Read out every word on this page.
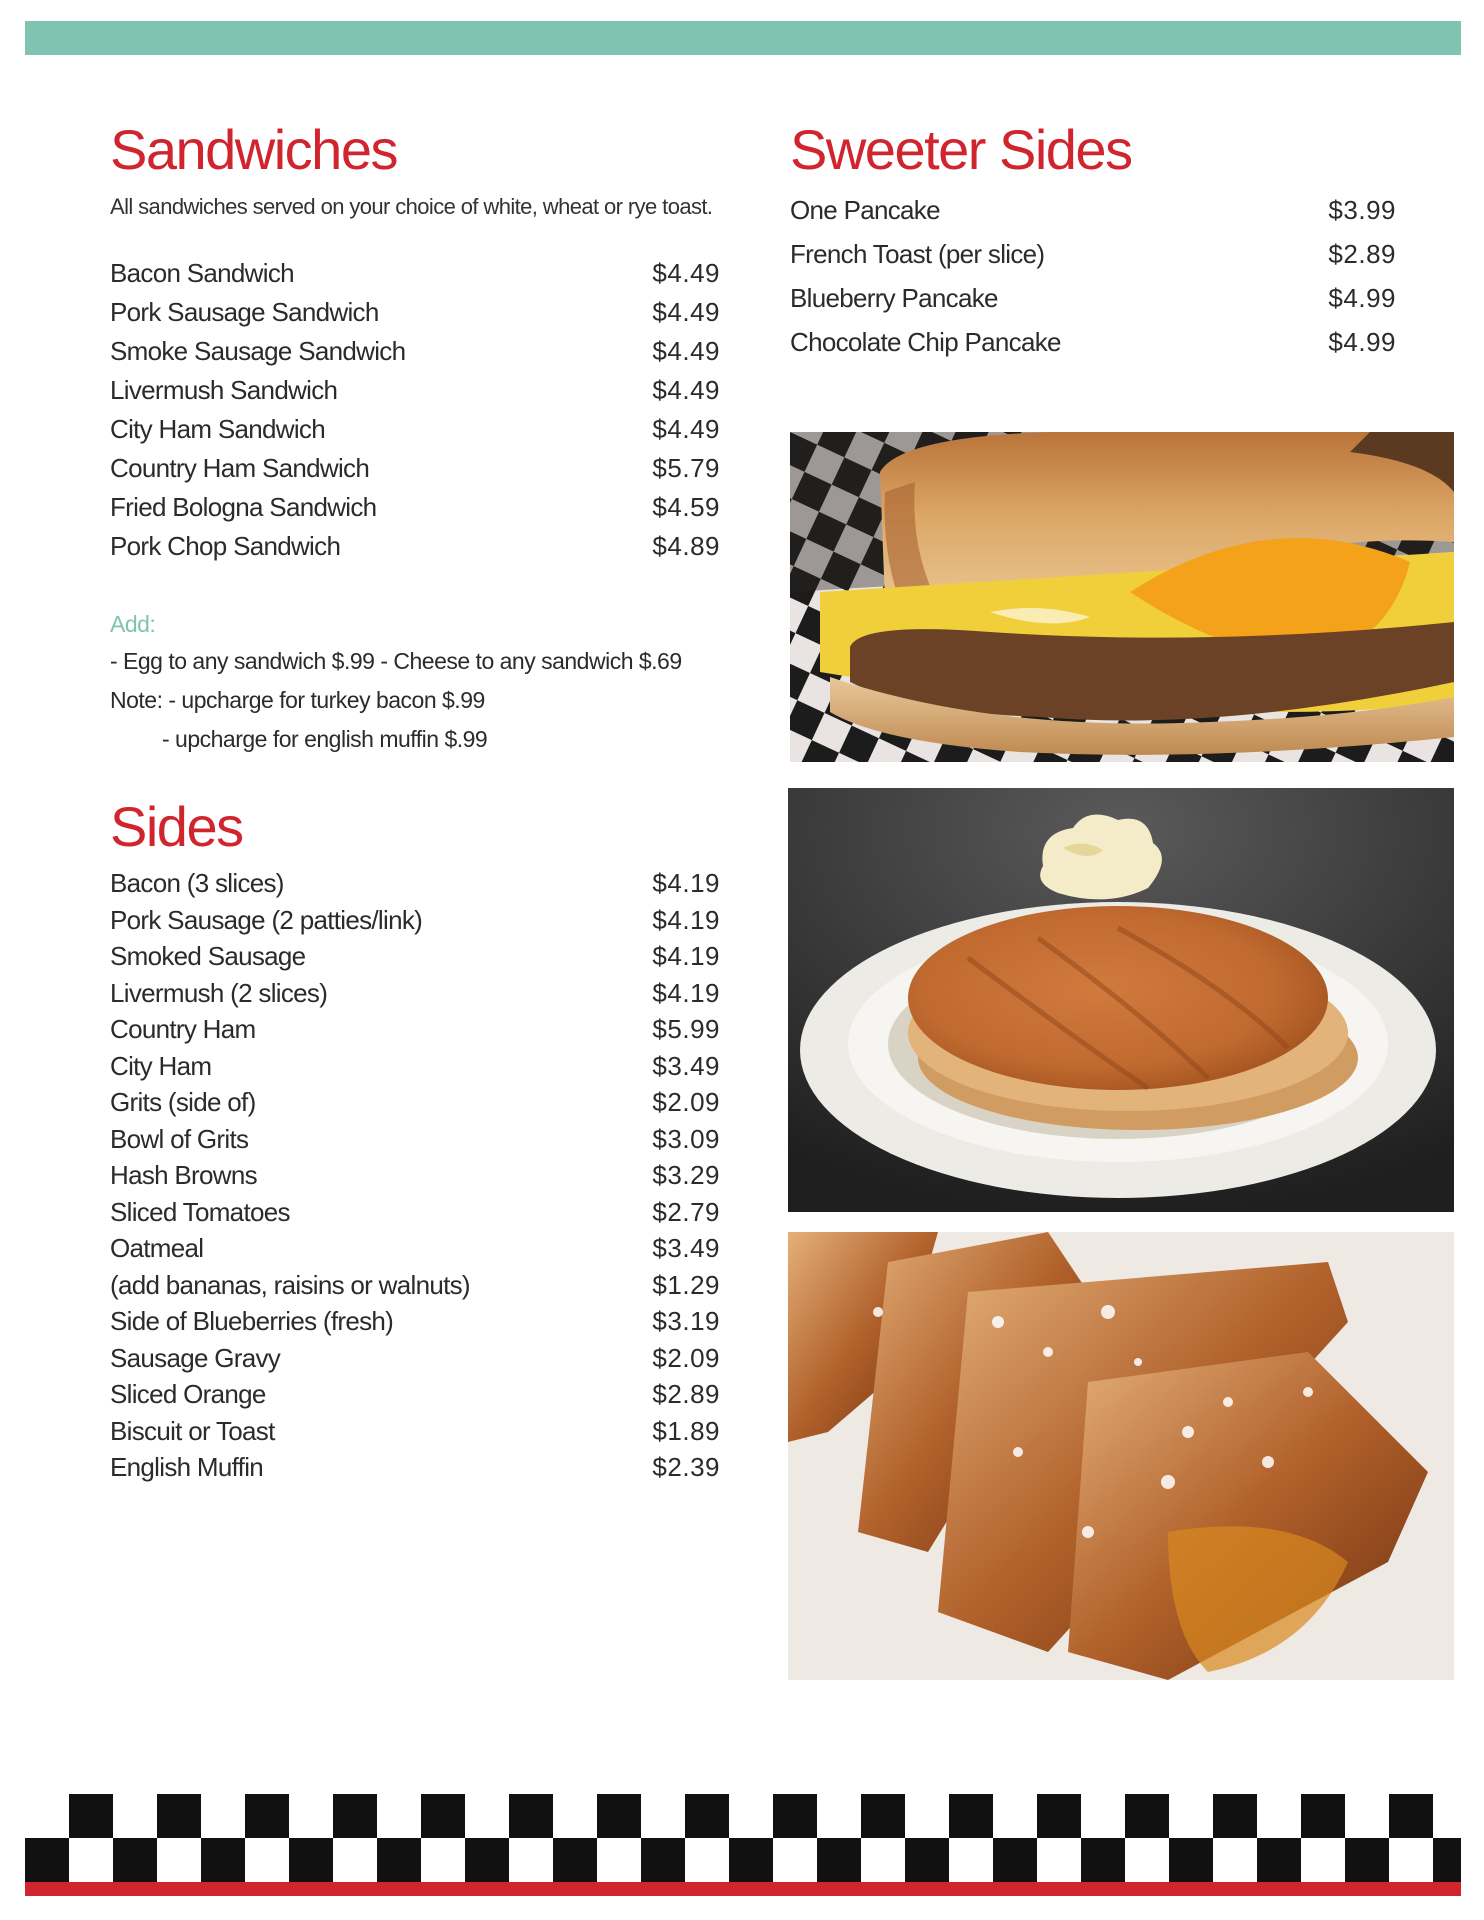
Sandwiches

All sandwiches served on your choice of white, wheat or rye toast.

Bacon Sandwich	$4.49
Pork Sausage Sandwich	$4.49
Smoke Sausage Sandwich	$4.49
Livermush Sandwich	$4.49
City Ham Sandwich	$4.49
Country Ham Sandwich	$5.79
Fried Bologna Sandwich	$4.59
Pork Chop Sandwich	$4.89
Add:
- Egg to any sandwich $.99 - Cheese to any sandwich $.69
Note: - upcharge for turkey bacon $.99
- upcharge for english muffin $.99
Sides
Bacon (3 slices)	$4.19
Pork Sausage (2 patties/link)	$4.19
Smoked Sausage	$4.19
Livermush (2 slices)	$4.19
Country Ham	$5.99
City Ham	$3.49
Grits (side of)	$2.09
Bowl of Grits	$3.09
Hash Browns	$3.29
Sliced Tomatoes	$2.79
Oatmeal	$3.49
(add bananas, raisins or walnuts)	$1.29
Side of Blueberries (fresh)	$3.19
Sausage Gravy	$2.09
Sliced Orange	$2.89
Biscuit or Toast	$1.89
English Muffin	$2.39
Sweeter Sides
One Pancake	$3.99
French Toast (per slice)	$2.89
Blueberry Pancake	$4.99
Chocolate Chip Pancake	$4.99
